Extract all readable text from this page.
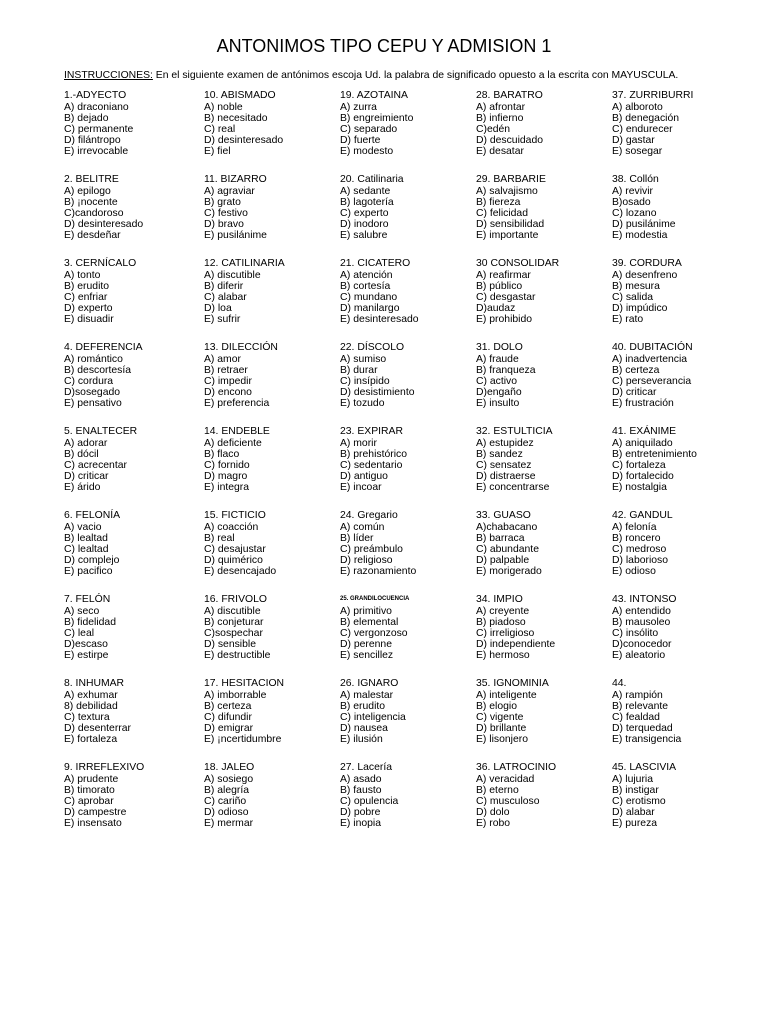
ANTONIMOS TIPO CEPU Y ADMISION 1
INSTRUCCIONES: En el siguiente examen de antónimos escoja Ud. la palabra de significado opuesto a la escrita con MAYUSCULA.
1.-ADYECTO
A) draconiano
B) dejado
C) permanente
D) filántropo
E) irrevocable
2. BELITRE
A) epilogo
B) ¡nocente
C)candoroso
D) desinteresado
E) desdeñar
3. CERNÍCALO
A) tonto
B) erudito
C) enfriar
D) experto
E) disuadir
4. DEFERENCIA
A) romántico
B) descortesía
C) cordura
D)sosegado
E) pensativo
5. ENALTECER
A) adorar
B) dócil
C) acrecentar
D) criticar
E) árido
6. FELONÍA
A) vacio
B) lealtad
C) lealtad
D) complejo
E) pacifico
7. FELÓN
A) seco
B) fidelidad
C) leal
D)escaso
E) estirpe
8. INHUMAR
A) exhumar
8) debilidad
C) textura
D) desenterrar
E) fortaleza
9. IRREFLEXIVO
A) prudente
B) timorato
C) aprobar
D) campestre
E) insensato
10. ABISMADO
A) noble
B) necesitado
C) real
D) desinteresado
E) fiel
11. BIZARRO
A) agraviar
B) grato
C) festivo
D) bravo
E) pusilánime
12. CATILINARIA
A) discutible
B) diferir
C) alabar
D) loa
E) sufrir
13. DILECCIÓN
A) amor
B) retraer
C) impedir
D) encono
E) preferencia
14. ENDEBLE
A) deficiente
B) flaco
C) fornido
D) magro
E) integra
15. FICTICIO
A) coacción
B) real
C) desajustar
D) quimérico
E) desencajado
16. FRIVOLO
A) discutible
B) conjeturar
C)sospechar
D) sensible
E) destructible
17. HESITACION
A) imborrable
B) certeza
C) difundir
D) emigrar
E) ¡ncertidumbre
18. JALEO
A) sosiego
B) alegría
C) cariño
D) odioso
E) mermar
19. AZOTAINA
A) zurra
B) engreimiento
C) separado
D) fuerte
E) modesto
20. Catilinaria
A) sedante
B) lagotería
C) experto
D) inodoro
E) salubre
21. CICATERO
A) atención
B) cortesía
C) mundano
D) manilargo
E) desinteresado
22. DÍSCOLO
A) sumiso
B) durar
C) insípido
D) desistimiento
E) tozudo
23. EXPIRAR
A) morir
B) prehistórico
C) sedentario
D) antiguo
E) incoar
24. Gregario
A) común
B) líder
C) preámbulo
D) religioso
E) razonamiento
25. GRANDILOCUENCIA
A) primitivo
B) elemental
C) vergonzoso
D) perenne
E) sencillez
26. IGNARO
A) malestar
B) erudito
C) inteligencia
D) nausea
E) ilusión
27. Lacería
A) asado
B) fausto
C) opulencia
D) pobre
E) inopia
28. BARATRO
A) afrontar
B) infierno
C)edén
D) descuidado
E) desatar
29. BARBARIE
A) salvajismo
B) fiereza
C) felicidad
D) sensibilidad
E) importante
30 CONSOLIDAR
A) reafirmar
B) público
C) desgastar
D)audaz
E) prohibido
31. DOLO
A) fraude
B) franqueza
C) activo
D)engaño
E) insulto
32. ESTULTICIA
A) estupidez
B) sandez
C) sensatez
D) distraerse
E) concentrarse
33. GUASO
A)chabacano
B) barraca
C) abundante
D) palpable
E) morigerado
34. IMPIO
A) creyente
B) piadoso
C) irreligioso
D) independiente
E) hermoso
35. IGNOMINIA
A) inteligente
B) elogio
C) vigente
D) brillante
E) lisonjero
36. LATROCINIO
A) veracidad
B) eterno
C) musculoso
D) dolo
E) robo
37. ZURRIBURRI
A) alboroto
B) denegación
C) endurecer
D) gastar
E) sosegar
38. Collón
A) revivir
B)osado
C) lozano
D) pusilánime
E) modestia
39. CORDURA
A) desenfreno
B) mesura
C) salida
D) impúdico
E) rato
40. DUBITACIÓN
A) inadvertencia
B) certeza
C) perseverancia
D) criticar
E) frustración
41. EXÁNIME
A) aniquilado
B) entretenimiento
C) fortaleza
D) fortalecido
E) nostalgia
42. GANDUL
A) felonía
B) roncero
C) medroso
D) laborioso
E) odioso
43. INTONSO
A) entendido
B) mausoleo
C) insólito
D)conocedor
E) aleatorio
44.
A) rampión
B) relevante
C) fealdad
D) terquedad
E) transigencia
45. LASCIVIA
A) lujuria
B) instigar
C) erotismo
D) alabar
E) pureza
